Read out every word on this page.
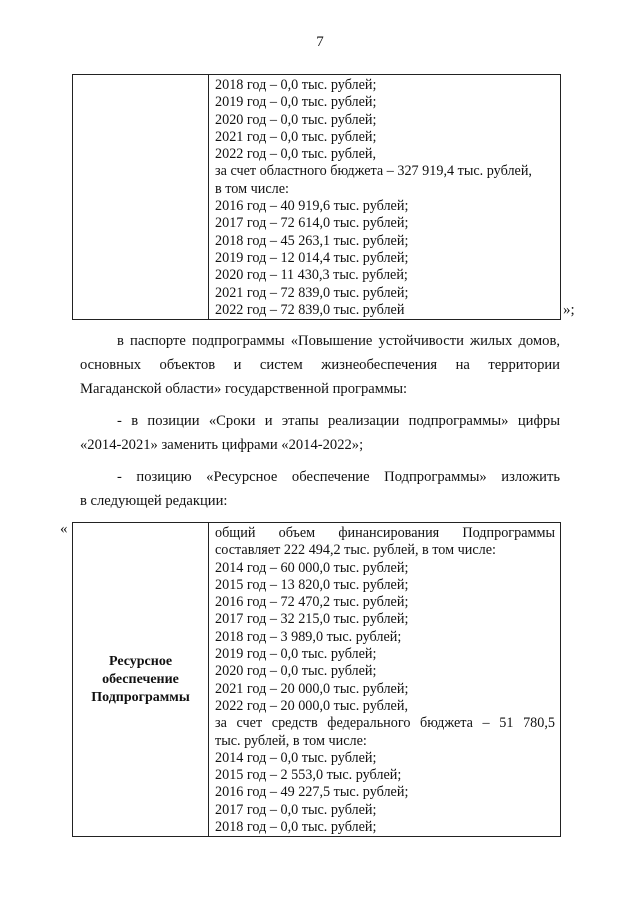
7

2018 год – 0,0 тыс. рублей;
2019 год – 0,0 тыс. рублей;
2020 год – 0,0 тыс. рублей;
2021 год – 0,0 тыс. рублей;
2022 год – 0,0 тыс. рублей,
за счет областного бюджета – 327 919,4 тыс. рублей,
в том числе:
2016 год – 40 919,6 тыс. рублей;
2017 год – 72 614,0 тыс. рублей;
2018 год – 45 263,1 тыс. рублей;
2019 год – 12 014,4 тыс. рублей;
2020 год – 11 430,3 тыс. рублей;
2021 год – 72 839,0 тыс. рублей;
2022 год – 72 839,0 тыс. рублей	»;
в паспорте подпрограммы «Повышение устойчивости жилых домов,
основных объектов и систем жизнеобеспечения на территории
Магаданской области» государственной программы:
- в позиции «Сроки и этапы реализации подпрограммы» цифры
«2014-2021» заменить цифрами «2014-2022»;
- позицию «Ресурсное обеспечение Подпрограммы» изложить
в следующей редакции:
«
Ресурсное
обеспечение
Подпрограммы

общий объем финансирования Подпрограммы
составляет 222 494,2 тыс. рублей, в том числе:
2014 год – 60 000,0 тыс. рублей;
2015 год – 13 820,0 тыс. рублей;
2016 год – 72 470,2 тыс. рублей;
2017 год – 32 215,0 тыс. рублей;
2018 год – 3 989,0 тыс. рублей;
2019 год – 0,0 тыс. рублей;
2020 год – 0,0 тыс. рублей;
2021 год – 20 000,0 тыс. рублей;
2022 год – 20 000,0 тыс. рублей,
за счет средств федерального бюджета – 51 780,5
тыс. рублей, в том числе:
2014 год – 0,0 тыс. рублей;
2015 год – 2 553,0 тыс. рублей;
2016 год – 49 227,5 тыс. рублей;
2017 год – 0,0 тыс. рублей;
2018 год – 0,0 тыс. рублей;
